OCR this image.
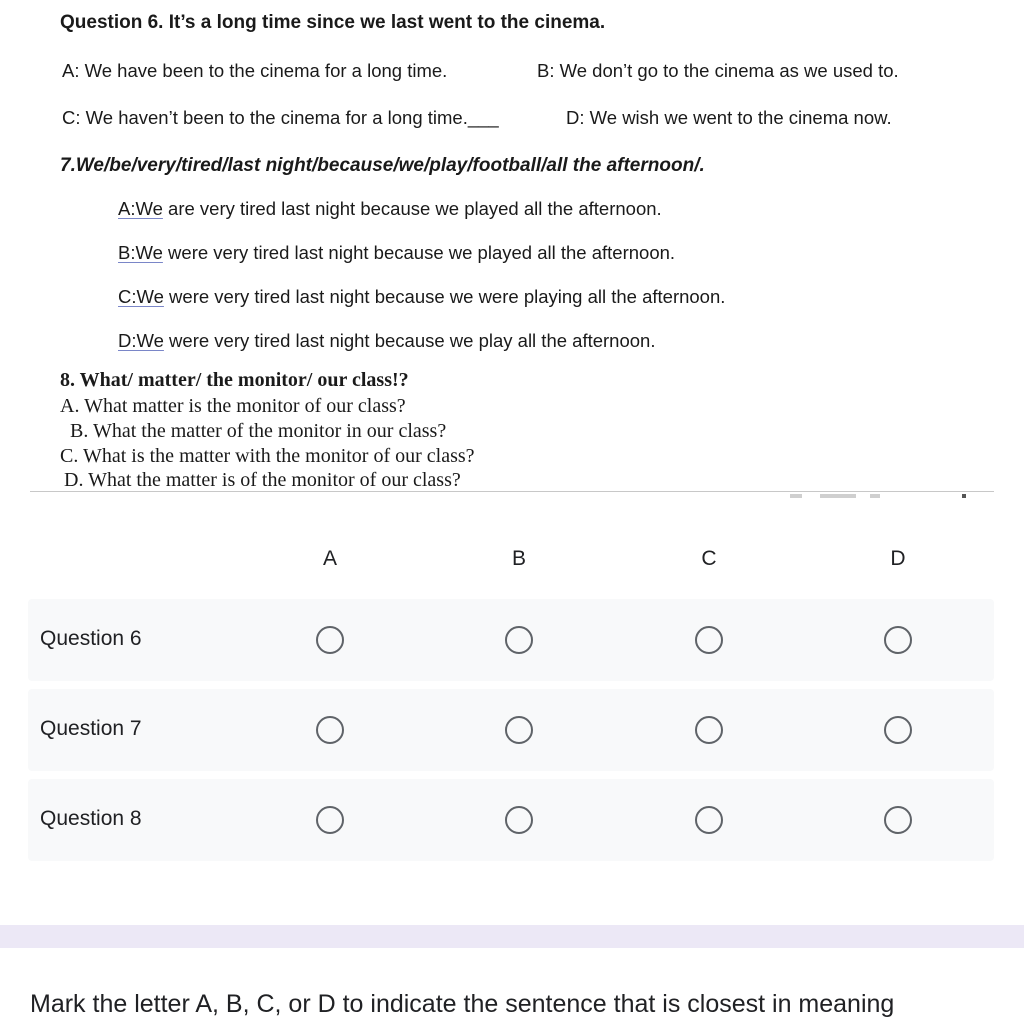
Question 6. It’s a long time since we last went to the cinema.
A: We have been to the cinema for a long time.	B: We don’t go to the cinema as we used to.
C: We haven’t been to the cinema for a long time.___	D: We wish we went to the cinema now.
7.We/be/very/tired/last night/because/we/play/football/all the afternoon/.
A:We are very tired last night because we played all the afternoon.
B:We were very tired last night because we played all the afternoon.
C:We were very tired last night because we were playing all the afternoon.
D:We were very tired last night because we play all the afternoon.
8. What/ matter/ the monitor/ our class!?
A. What matter is the monitor of our class?
B. What the matter of the monitor in our class?
C. What is the matter with the monitor of our class?
D. What the matter is of the monitor of our class?
A	B	C	D
Question 6
Question 7
Question 8
Mark the letter A, B, C, or D to indicate the sentence that is closest in meaning
